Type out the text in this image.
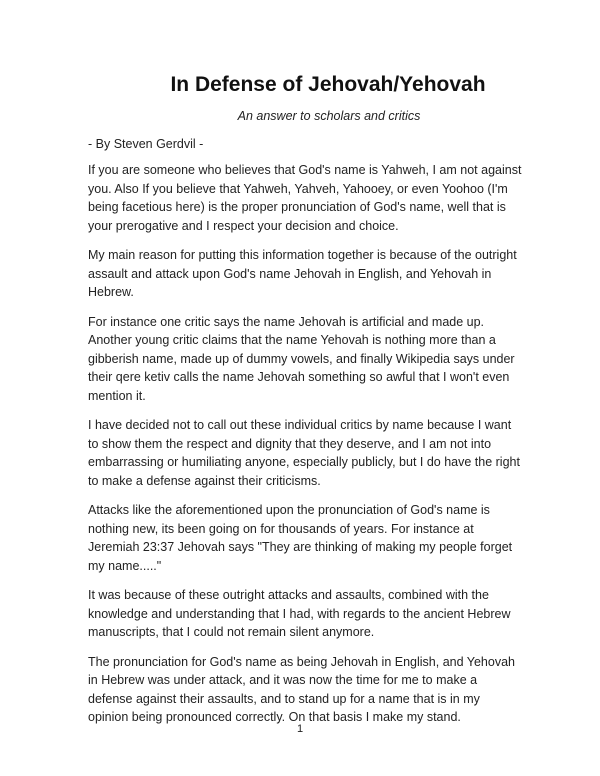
In Defense of Jehovah/Yehovah
An answer to scholars and critics
- By Steven Gerdvil -

If you are someone who believes that God's name is Yahweh, I am not against you. Also If you believe that Yahweh, Yahveh, Yahooey, or even Yoohoo (I'm being facetious here) is the proper pronunciation of God's name, well that is your prerogative and I respect your decision and choice.

My main reason for putting this information together is because of the outright assault and attack upon God's name Jehovah in English, and Yehovah in Hebrew.

For instance one critic says the name Jehovah is artificial and made up. Another young critic claims that the name Yehovah is nothing more than a gibberish name, made up of dummy vowels, and finally Wikipedia says under their qere ketiv calls the name Jehovah something so awful that I won't even mention it.

I have decided not to call out these individual critics by name because I want to show them the respect and dignity that they deserve, and I am not into embarrassing or humiliating anyone, especially publicly, but I do have the right to make a defense against their criticisms.

Attacks like the aforementioned upon the pronunciation of God's name is nothing new, its been going on for thousands of years. For instance at Jeremiah 23:37 Jehovah says "They are thinking of making my people forget my name....."

It was because of these outright attacks and assaults, combined with the knowledge and understanding that I had, with regards to the ancient Hebrew manuscripts, that I could not remain silent anymore.

The pronunciation for God's name as being Jehovah in English, and Yehovah in Hebrew was under attack, and it was now the time for me to make a defense against their assaults, and to stand up for a name that is in my opinion being pronounced correctly. On that basis I make my stand.

1
